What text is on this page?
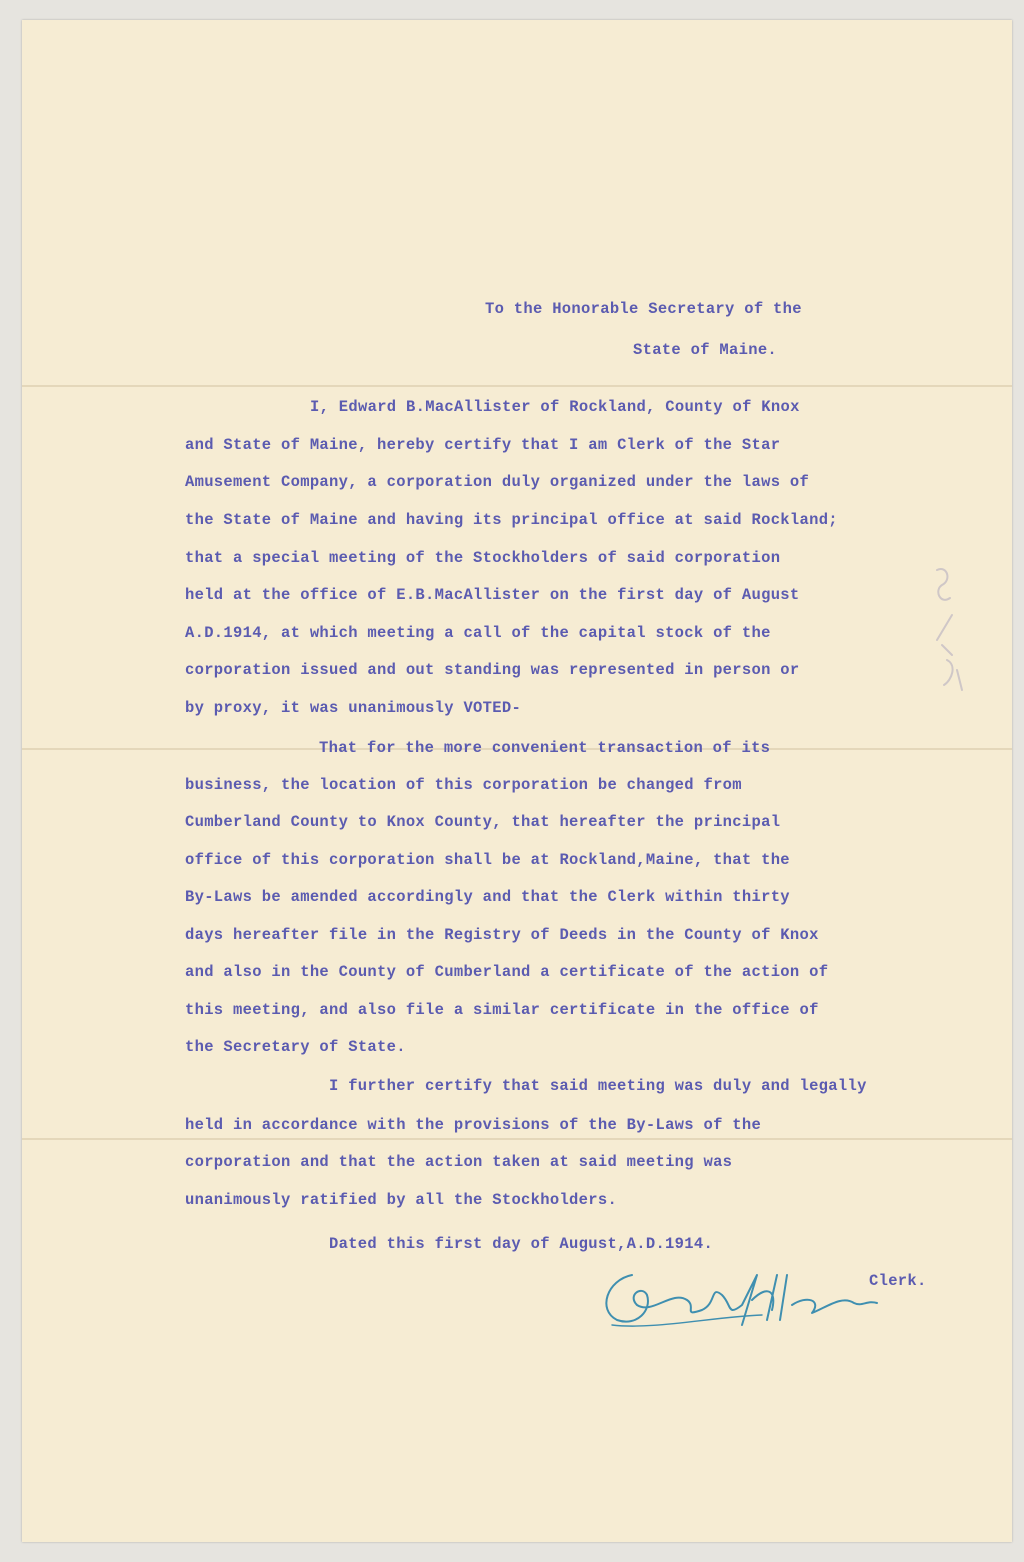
To the Honorable Secretary of the
State of Maine.
I, Edward B.MacAllister of Rockland, County of Knox
and State of Maine, hereby certify that I am Clerk of the Star
Amusement Company, a corporation duly organized under the laws of
the State of Maine and having its principal office at said Rockland;
that a special meeting of the Stockholders of said corporation
held at the office of E.B.MacAllister on the first day of August
A.D.1914, at which meeting a call of the capital stock of the
corporation issued and out standing was represented in person or
by proxy, it was unanimously VOTED-
That for the more convenient transaction of its
business, the location of this corporation be changed from
Cumberland County to Knox County, that hereafter the principal
office of this corporation shall be at Rockland,Maine, that the
By-Laws be amended accordingly and that the Clerk within thirty
days hereafter file in the Registry of Deeds in the County of Knox
and also in the County of Cumberland a certificate of the action of
this meeting, and also file a similar certificate in the office of
the Secretary of State.
I further certify that said meeting was duly and legally
held in accordance with the provisions of the By-Laws of the
corporation and that the action taken at said meeting was
unanimously ratified by all the Stockholders.
Dated this first day of August,A.D.1914.
Clerk.
